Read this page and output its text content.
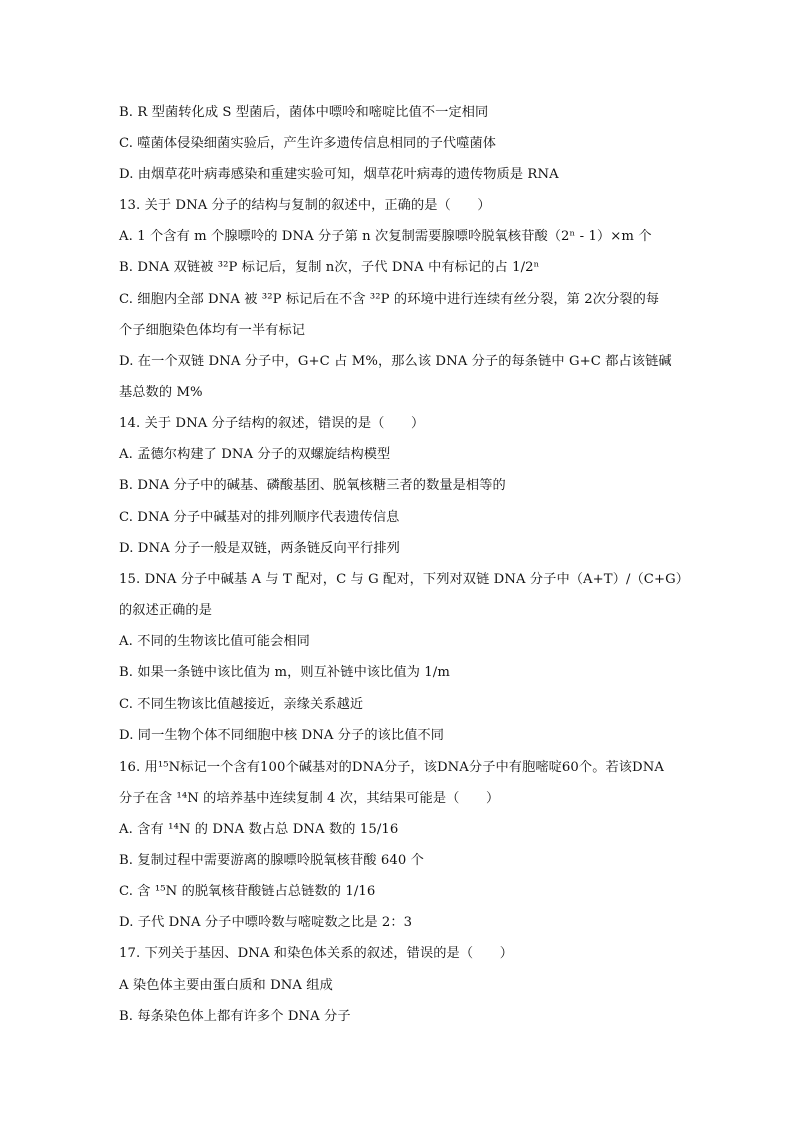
B. R 型菌转化成 S 型菌后，菌体中嘌呤和嘧啶比值不一定相同
C. 噬菌体侵染细菌实验后，产生许多遗传信息相同的子代噬菌体
D. 由烟草花叶病毒感染和重建实验可知，烟草花叶病毒的遗传物质是 RNA
13. 关于 DNA 分子的结构与复制的叙述中，正确的是（　　）
A. 1 个含有 m 个腺嘌呤的 DNA 分子第 n 次复制需要腺嘌呤脱氧核苷酸（2ⁿ - 1）×m 个
B. DNA 双链被 ³²P 标记后，复制 n次，子代 DNA 中有标记的占 1/2ⁿ
C. 细胞内全部 DNA 被 ³²P 标记后在不含 ³²P 的环境中进行连续有丝分裂，第 2次分裂的每
个子细胞染色体均有一半有标记
D. 在一个双链 DNA 分子中，G+C 占 M%，那么该 DNA 分子的每条链中 G+C 都占该链碱
基总数的 M%
14. 关于 DNA 分子结构的叙述，错误的是（　　）
A. 孟德尔构建了 DNA 分子的双螺旋结构模型
B. DNA 分子中的碱基、磷酸基团、脱氧核糖三者的数量是相等的
C. DNA 分子中碱基对的排列顺序代表遗传信息
D. DNA 分子一般是双链，两条链反向平行排列
15. DNA 分子中碱基 A 与 T 配对，C 与 G 配对，下列对双链 DNA 分子中（A+T）/（C+G）
的叙述正确的是
A. 不同的生物该比值可能会相同
B. 如果一条链中该比值为 m，则互补链中该比值为 1/m
C. 不同生物该比值越接近，亲缘关系越近
D. 同一生物个体不同细胞中核 DNA 分子的该比值不同
16. 用¹⁵N标记一个含有100个碱基对的DNA分子，该DNA分子中有胞嘧啶60个。若该DNA
分子在含 ¹⁴N 的培养基中连续复制 4 次，其结果可能是（　　）
A. 含有 ¹⁴N 的 DNA 数占总 DNA 数的 15/16
B. 复制过程中需要游离的腺嘌呤脱氧核苷酸 640 个
C. 含 ¹⁵N 的脱氧核苷酸链占总链数的 1/16
D. 子代 DNA 分子中嘌呤数与嘧啶数之比是 2：3
17. 下列关于基因、DNA 和染色体关系的叙述，错误的是（　　）
A 染色体主要由蛋白质和 DNA 组成
B. 每条染色体上都有许多个 DNA 分子
